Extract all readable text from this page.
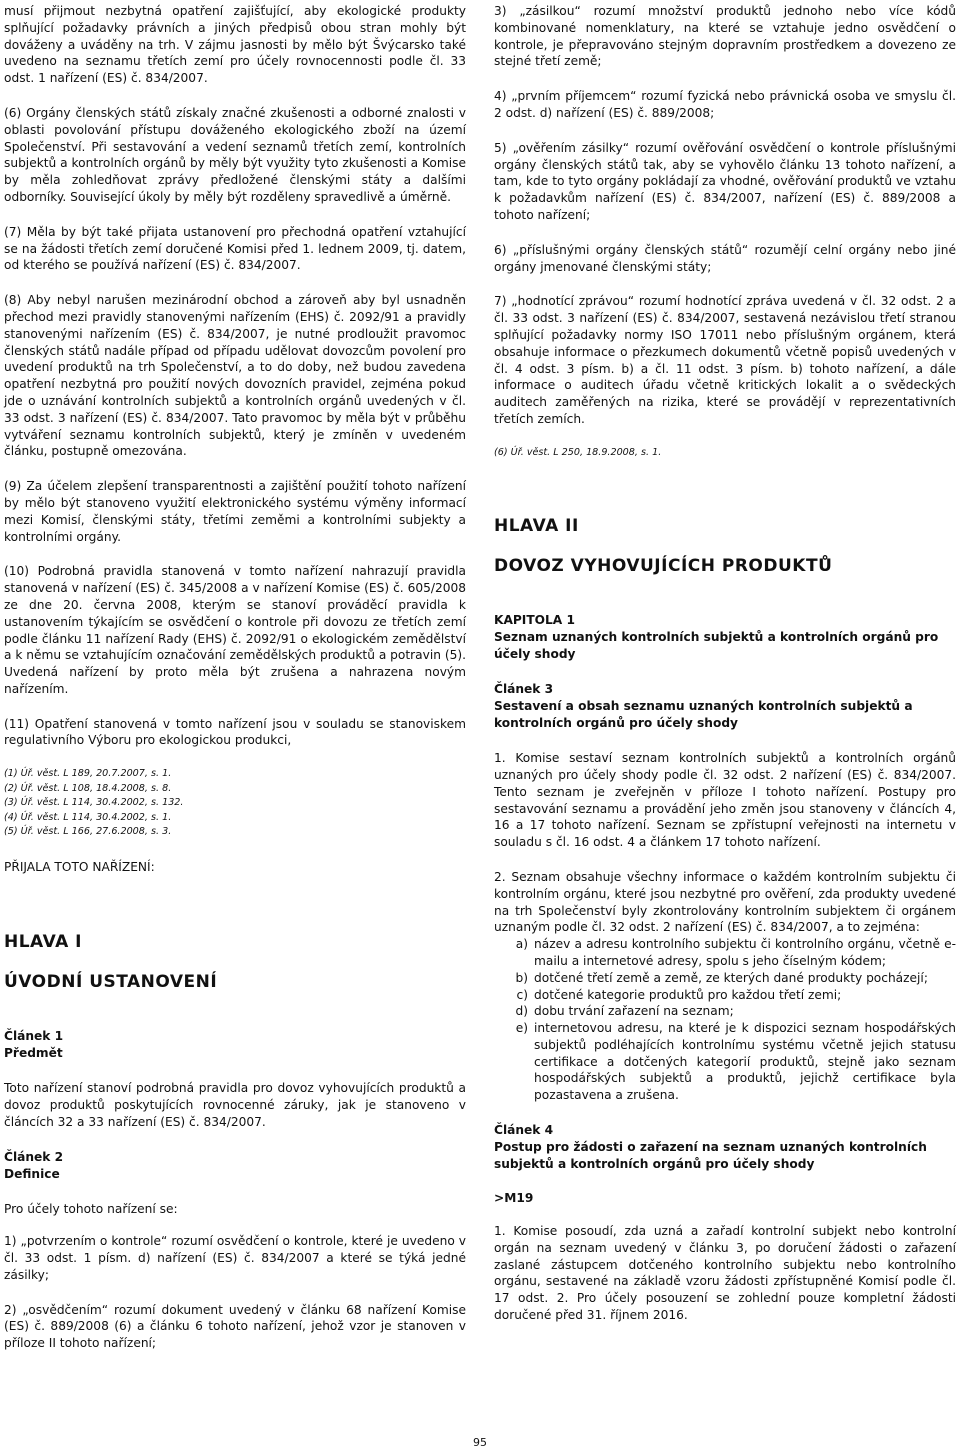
musí přijmout nezbytná opatření zajišťující, aby ekologické produkty splňující požadavky právních a jiných předpisů obou stran mohly být dováženy a uváděny na trh. V zájmu jasnosti by mělo být Švýcarsko také uvedeno na seznamu třetích zemí pro účely rovnocennosti podle čl. 33 odst. 1 nařízení (ES) č. 834/2007.

(6) Orgány členských států získaly značné zkušenosti a odborné znalosti v oblasti povolování přístupu dováženého ekologického zboží na území Společenství. Při sestavování a vedení seznamů třetích zemí, kontrolních subjektů a kontrolních orgánů by měly být využity tyto zkušenosti a Komise by měla zohledňovat zprávy předložené členskými státy a dalšími odborníky. Související úkoly by měly být rozděleny spravedlivě a úměrně.

(7) Měla by být také přijata ustanovení pro přechodná opatření vztahující se na žádosti třetích zemí doručené Komisi před 1. lednem 2009, tj. datem, od kterého se používá nařízení (ES) č. 834/2007.

(8) Aby nebyl narušen mezinárodní obchod a zároveň aby byl usnadněn přechod mezi pravidly stanovenými nařízením (EHS) č. 2092/91 a pravidly stanovenými nařízením (ES) č. 834/2007, je nutné prodloužit pravomoc členských států nadále případ od případu udělovat dovozcům povolení pro uvedení produktů na trh Společenství, a to do doby, než budou zavedena opatření nezbytná pro použití nových dovozních pravidel, zejména pokud jde o uznávání kontrolních subjektů a kontrolních orgánů uvedených v čl. 33 odst. 3 nařízení (ES) č. 834/2007. Tato pravomoc by měla být v průběhu vytváření seznamu kontrolních subjektů, který je zmíněn v uvedeném článku, postupně omezována.

(9) Za účelem zlepšení transparentnosti a zajištění použití tohoto nařízení by mělo být stanoveno využití elektronického systému výměny informací mezi Komisí, členskými státy, třetími zeměmi a kontrolními subjekty a kontrolními orgány.

(10) Podrobná pravidla stanovená v tomto nařízení nahrazují pravidla stanovená v nařízení (ES) č. 345/2008 a v nařízení Komise (ES) č. 605/2008 ze dne 20. června 2008, kterým se stanoví prováděcí pravidla k ustanovením týkajícím se osvědčení o kontrole při dovozu ze třetích zemí podle článku 11 nařízení Rady (EHS) č. 2092/91 o ekologickém zemědělství a k němu se vztahujícím označování zemědělských produktů a potravin (5). Uvedená nařízení by proto měla být zrušena a nahrazena novým nařízením.

(11) Opatření stanovená v tomto nařízení jsou v souladu se stanoviskem regulativního Výboru pro ekologickou produkci,

(1) Úř. věst. L 189, 20.7.2007, s. 1.

(2) Úř. věst. L 108, 18.4.2008, s. 8.

(3) Úř. věst. L 114, 30.4.2002, s. 132.

(4) Úř. věst. L 114, 30.4.2002, s. 1.

(5) Úř. věst. L 166, 27.6.2008, s. 3.

PŘIJALA TOTO NAŘÍZENÍ:

HLAVA I
ÚVODNÍ USTANOVENÍ

Článek 1

Předmět

Toto nařízení stanoví podrobná pravidla pro dovoz vyhovujících produktů a dovoz produktů poskytujících rovnocenné záruky, jak je stanoveno v článcích 32 a 33 nařízení (ES) č. 834/2007.

Článek 2

Definice

Pro účely tohoto nařízení se:

1) „potvrzením o kontrole“ rozumí osvědčení o kontrole, které je uvedeno v čl. 33 odst. 1 písm. d) nařízení (ES) č. 834/2007 a které se týká jedné zásilky;

2) „osvědčením“ rozumí dokument uvedený v článku 68 nařízení Komise (ES) č. 889/2008 (6) a článku 6 tohoto nařízení, jehož vzor je stanoven v příloze II tohoto nařízení;

3) „zásilkou“ rozumí množství produktů jednoho nebo více kódů kombinované nomenklatury, na které se vztahuje jedno osvědčení o kontrole, je přepravováno stejným dopravním prostředkem a dovezeno ze stejné třetí země;

4) „prvním příjemcem“ rozumí fyzická nebo právnická osoba ve smyslu čl. 2 odst. d) nařízení (ES) č. 889/2008;

5) „ověřením zásilky“ rozumí ověřování osvědčení o kontrole příslušnými orgány členských států tak, aby se vyhovělo článku 13 tohoto nařízení, a tam, kde to tyto orgány pokládají za vhodné, ověřování produktů ve vztahu k požadavkům nařízení (ES) č. 834/2007, nařízení (ES) č. 889/2008 a tohoto nařízení;

6) „příslušnými orgány členských států“ rozumějí celní orgány nebo jiné orgány jmenované členskými státy;

7) „hodnotící zprávou“ rozumí hodnotící zpráva uvedená v čl. 32 odst. 2 a čl. 33 odst. 3 nařízení (ES) č. 834/2007, sestavená nezávislou třetí stranou splňující požadavky normy ISO 17011 nebo příslušným orgánem, která obsahuje informace o přezkumech dokumentů včetně popisů uvedených v čl. 4 odst. 3 písm. b) a čl. 11 odst. 3 písm. b) tohoto nařízení, a dále informace o auditech úřadu včetně kritických lokalit a o svědeckých auditech zaměřených na rizika, které se provádějí v reprezentativních třetích zemích.

(6) Úř. věst. L 250, 18.9.2008, s. 1.

HLAVA II
DOVOZ VYHOVUJÍCÍCH PRODUKTŮ

KAPITOLA 1

Seznam uznaných kontrolních subjektů a kontrolních orgánů pro účely shody

Článek 3

Sestavení a obsah seznamu uznaných kontrolních subjektů a kontrolních orgánů pro účely shody

1. Komise sestaví seznam kontrolních subjektů a kontrolních orgánů uznaných pro účely shody podle čl. 32 odst. 2 nařízení (ES) č. 834/2007. Tento seznam je zveřejněn v příloze I tohoto nařízení. Postupy pro sestavování seznamu a provádění jeho změn jsou stanoveny v článcích 4, 16 a 17 tohoto nařízení. Seznam se zpřístupní veřejnosti na internetu v souladu s čl. 16 odst. 4 a článkem 17 tohoto nařízení.

2. Seznam obsahuje všechny informace o každém kontrolním subjektu či kontrolním orgánu, které jsou nezbytné pro ověření, zda produkty uvedené na trh Společenství byly zkontrolovány kontrolním subjektem či orgánem uznaným podle čl. 32 odst. 2 nařízení (ES) č. 834/2007, a to zejména:

a) název a adresu kontrolního subjektu či kontrolního orgánu, včetně e-mailu a internetové adresy, spolu s jeho číselným kódem;
b) dotčené třetí země a země, ze kterých dané produkty pocházejí;
c) dotčené kategorie produktů pro každou třetí zemi;
d) dobu trvání zařazení na seznam;
e) internetovou adresu, na které je k dispozici seznam hospodářských subjektů podléhajících kontrolnímu systému včetně jejich statusu certifikace a dotčených kategorií produktů, stejně jako seznam hospodářských subjektů a produktů, jejichž certifikace byla pozastavena a zrušena.

Článek 4

Postup pro žádosti o zařazení na seznam uznaných kontrolních subjektů a kontrolních orgánů pro účely shody

>M19

1. Komise posoudí, zda uzná a zařadí kontrolní subjekt nebo kontrolní orgán na seznam uvedený v článku 3, po doručení žádosti o zařazení zaslané zástupcem dotčeného kontrolního subjektu nebo kontrolního orgánu, sestavené na základě vzoru žádosti zpřístupněné Komisí podle čl. 17 odst. 2. Pro účely posouzení se zohlední pouze kompletní žádosti doručené před 31. říjnem 2016.

95
